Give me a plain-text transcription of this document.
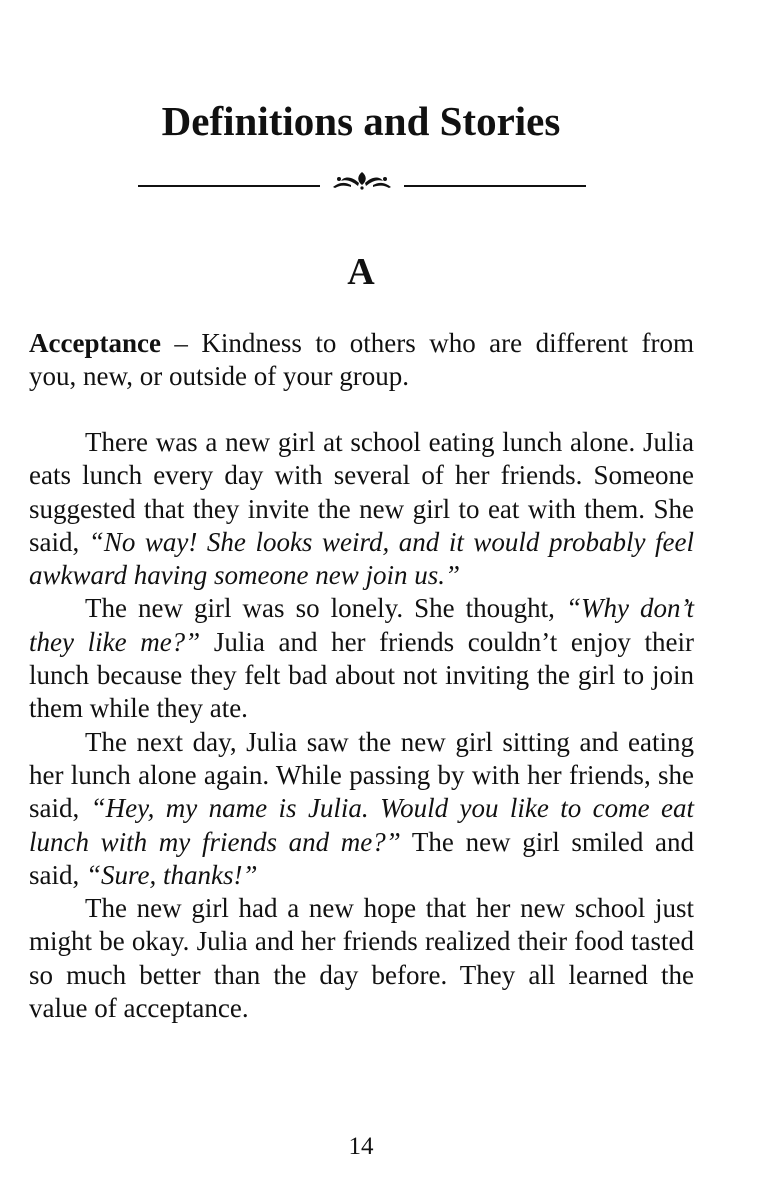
Definitions and Stories
A
Acceptance – Kindness to others who are different from you, new, or outside of your group.

There was a new girl at school eating lunch alone. Julia eats lunch every day with several of her friends. Someone suggested that they invite the new girl to eat with them. She said, “No way! She looks weird, and it would probably feel awkward having someone new join us.”

The new girl was so lonely. She thought, “Why don’t they like me?” Julia and her friends couldn’t enjoy their lunch because they felt bad about not inviting the girl to join them while they ate.

The next day, Julia saw the new girl sitting and eating her lunch alone again. While passing by with her friends, she said, “Hey, my name is Julia. Would you like to come eat lunch with my friends and me?” The new girl smiled and said, “Sure, thanks!”

The new girl had a new hope that her new school just might be okay. Julia and her friends realized their food tasted so much better than the day before. They all learned the value of acceptance.

14
